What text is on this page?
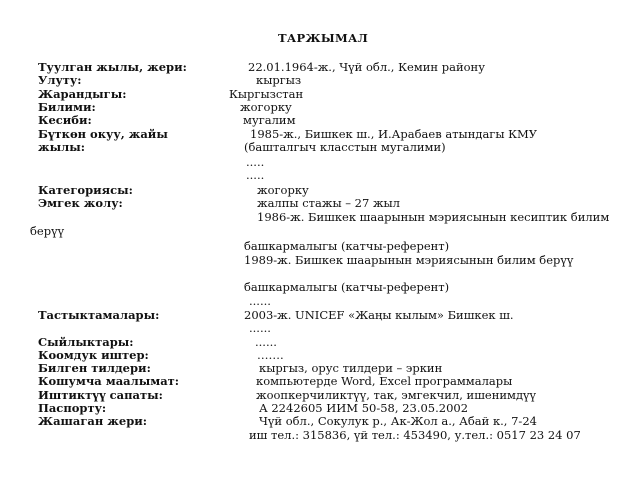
ТАРЖЫМАЛ
Туулган жылы, жери:	22.01.1964-ж., Чүй обл., Кемин району
Улуту:	кыргыз
Жарандыгы:	Кыргызстан
Билими:	жогорку
Кесиби:	мугалим
Бүткөн окуу, жайы	1985-ж., Бишкек ш., И.Арабаев атындагы КМУ
жылы:	(башталгыч класстын мугалими)
.....
.....
Категориясы:	жогорку
Эмгек жолу:	жалпы стажы – 27 жыл
1986-ж. Бишкек шаарынын мэриясынын кесиптик билим
берүү
башкармалыгы (катчы-референт)
1989-ж. Бишкек шаарынын мэриясынын билим берүү
башкармалыгы (катчы-референт)
......
Тастыктамалары:	2003-ж. UNICEF «Жаңы кылым» Бишкек ш.
......
Сыйлыктары:	......
Коомдук иштер:	…….
Билген тилдери:	кыргыз, орус тилдери – эркин
Кошумча маалымат:	компьютерде Word, Excel программалары
Иштиктүү сапаты:	жоопкерчиликтүү, так, эмгекчил, ишенимдүү
Паспорту:	А 2242605 ИИМ 50-58, 23.05.2002
Жашаган жери:	Чүй обл., Сокулук р., Ак-Жол а., Абай к., 7-24
иш тел.: 315836, үй тел.: 453490, у.тел.: 0517 23 24 07
